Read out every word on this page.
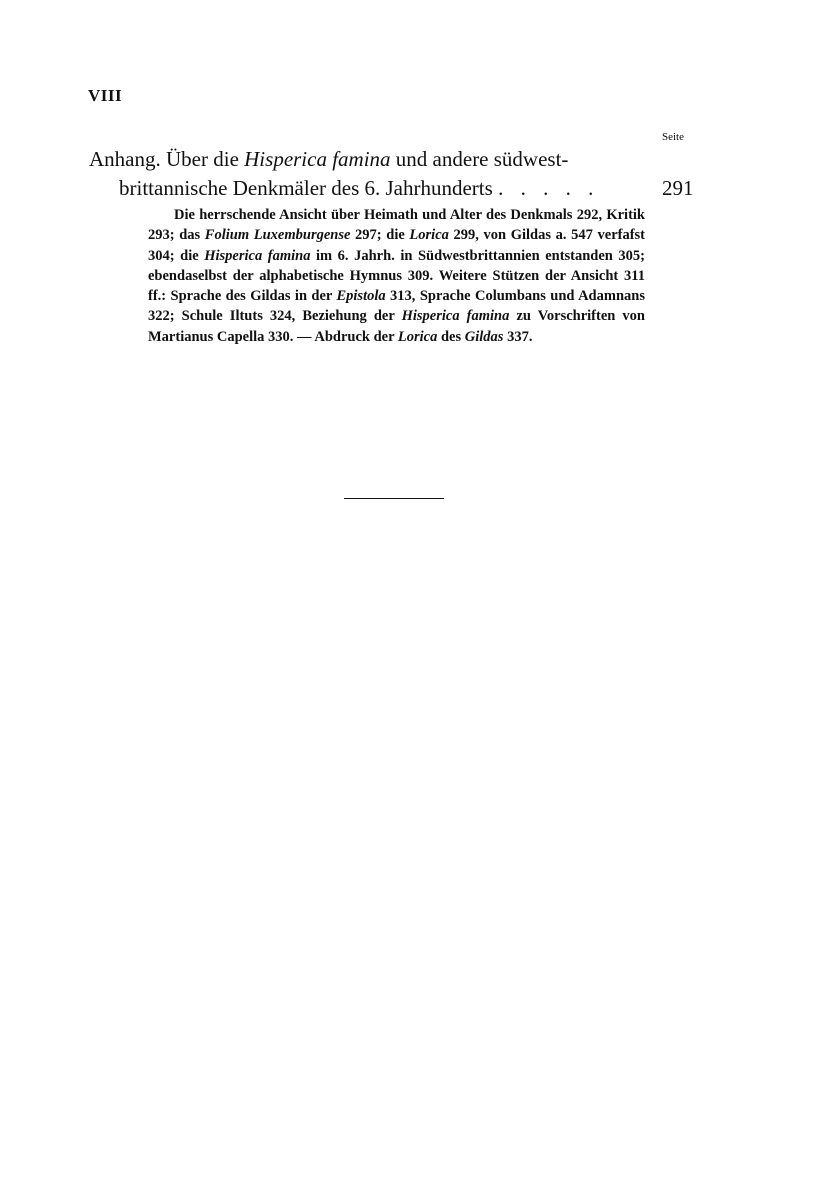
VIII
Seite
Anhang. Über die Hisperica famina und andere südwest-
brittannische Denkmäler des 6. Jahrhunderts . . . . .	291
Die herrschende Ansicht über Heimath und Alter des Denkmals 292, Kritik 293; das Folium Luxemburgense 297; die Lorica 299, von Gildas a. 547 verfafst 304; die Hisperica famina im 6. Jahrh. in Südwestbrittannien entstanden 305; ebendaselbst der alphabetische Hymnus 309. Weitere Stützen der Ansicht 311 ff.: Sprache des Gildas in der Epistola 313, Sprache Columbans und Adamnans 322; Schule Iltuts 324, Beziehung der Hisperica famina zu Vorschriften von Martianus Capella 330. — Abdruck der Lorica des Gildas 337.
